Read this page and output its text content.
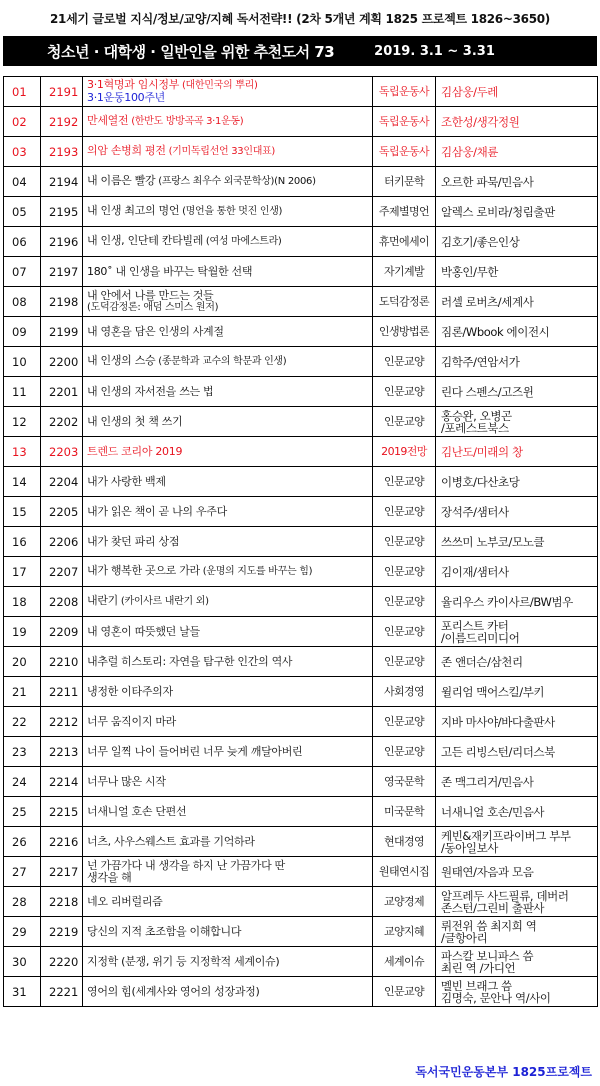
21세기 글로벌 지식/정보/교양/지혜 독서전략!! (2차 5개년 계획 1825 프로젝트 1826~3650)
청소년 · 대학생 · 일반인을 위한 추천도서 73	2019. 3.1 ~ 3.31
01	2191	3·1혁명과 임시정부 (대한민국의 뿌리)
3·1운동100주년	독립운동사	김삼웅/두레
02	2192	만세열전 (한반도 방방곡곡 3·1운동)	독립운동사	조한성/생각정원
03	2193	의암 손병희 평전 (기미독립선언 33인대표)	독립운동사	김삼웅/채륜
04	2194	내 이름은 빨강 (프랑스 최우수 외국문학상)(N 2006)	터키문학	오르한 파묵/민음사
05	2195	내 인생 최고의 명언 (명언을 통한 멋진 인생)	주제별명언	알렉스 로비라/청림출판
06	2196	내 인생, 인단테 칸타빌레 (여성 마에스트라)	휴먼에세이	김호기/좋은인상
07	2197	180˚ 내 인생을 바꾸는 탁월한 선택	자기계발	박홍인/무한
08	2198	내 안에서 나를 만드는 것들
(도덕감정론: 애덤 스미스 원저)	도덕감정론	러셀 로버츠/세계사
09	2199	내 영혼을 담은 인생의 사계절	인생방법론	짐론/Wbook 에이전시
10	2200	내 인생의 스승 (종문학과 교수의 학문과 인생)	인문교양	김학주/연암서가
11	2201	내 인생의 자서전을 쓰는 법	인문교양	린다 스펜스/고즈윈
12	2202	내 인생의 첫 책 쓰기	인문교양	홍승완, 오병곤
/포레스트북스
13	2203	트렌드 코리아 2019	2019전망	김난도/미래의 창
14	2204	내가 사랑한 백제	인문교양	이병호/다산초당
15	2205	내가 읽은 책이 곧 나의 우주다	인문교양	장석주/샘터사
16	2206	내가 찾던 파리 상점	인문교양	쓰쓰미 노부코/모노클
17	2207	내가 행복한 곳으로 가라 (운명의 지도를 바꾸는 힘)	인문교양	김이재/샘터사
18	2208	내란기 (카이사르 내란기 외)	인문교양	율리우스 카이사르/BW범우
19	2209	내 영혼이 따뜻했던 날들	인문교양	포리스트 카터
/이름드리미디어
20	2210	내추럴 히스토리: 자연을 탐구한 인간의 역사	인문교양	존 앤더슨/삼천리
21	2211	냉정한 이타주의자	사회경영	윌리엄 맥어스킬/부키
22	2212	너무 움직이지 마라	인문교양	지바 마사야/바다출판사
23	2213	너무 일찍 나이 들어버린 너무 늦게 깨달아버린	인문교양	고든 리빙스턴/리더스북
24	2214	너무나 많은 시작	영국문학	존 맥그리거/민음사
25	2215	너새니얼 호손 단편선	미국문학	너새니얼 호손/민음사
26	2216	너츠, 사우스웨스트 효과를 기억하라	현대경영	케빈&재키프라이버그 부부
/동아일보사
27	2217	넌 가끔가다 내 생각을 하지 난 가끔가다 딴
생각을 해	원태연시집	원태연/자음과 모음
28	2218	네오 리버럴리즘	교양경제	알프레두 사드필류, 데버러
존스턴/그린비 출판사
29	2219	당신의 지적 초조함을 이해합니다	교양지혜	뤼전위 씀 최지희 역
/글항아리
30	2220	지정학 (분쟁, 위기 등 지정학적 세계이슈)	세계이슈	파스칼 보니파스 씀
최린 역 /가디언
31	2221	영어의 힘(세계사와 영어의 성장과정)	인문교양	멜빈 브래그 씀
김명숙, 문안나 역/사이
독서국민운동본부 1825프로젝트
